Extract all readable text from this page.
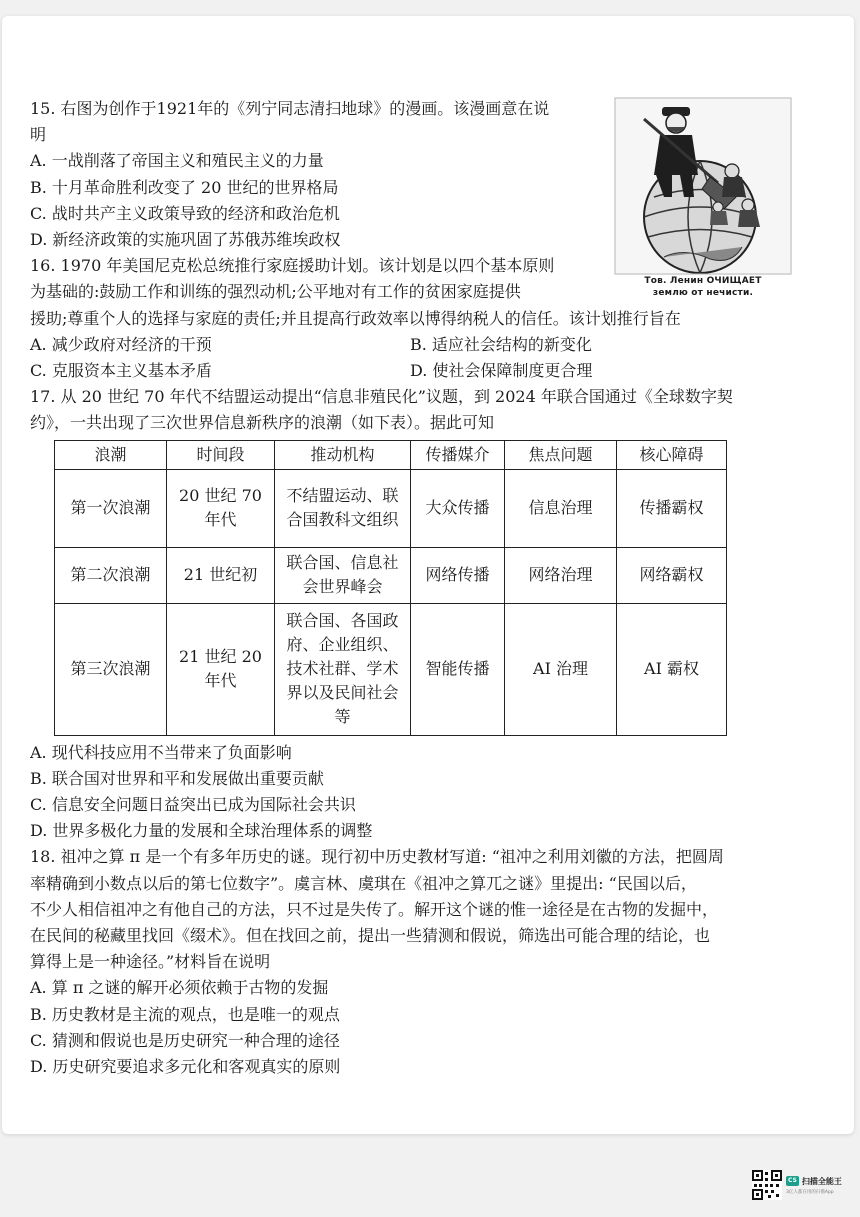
Тов. Ленин ОЧИЩАЕТ
землю от нечисти.
15. 右图为创作于1921年的《列宁同志清扫地球》的漫画。该漫画意在说
明
A. 一战削落了帝国主义和殖民主义的力量
B. 十月革命胜利改变了 20 世纪的世界格局
C. 战时共产主义政策导致的经济和政治危机
D. 新经济政策的实施巩固了苏俄苏维埃政权
16. 1970 年美国尼克松总统推行家庭援助计划。该计划是以四个基本原则
为基础的:鼓励工作和训练的强烈动机;公平地对有工作的贫困家庭提供
援助;尊重个人的选择与家庭的责任;并且提高行政效率以博得纳税人的信任。该计划推行旨在
A. 减少政府对经济的干预	B. 适应社会结构的新变化
C. 克服资本主义基本矛盾	D. 使社会保障制度更合理
17. 从 20 世纪 70 年代不结盟运动提出“信息非殖民化”议题，到 2024 年联合国通过《全球数字契
约》，一共出现了三次世界信息新秩序的浪潮（如下表）。据此可知
浪潮	时间段	推动机构	传播媒介	焦点问题	核心障碍
第一次浪潮	20 世纪 70 年代	不结盟运动、联合国教科文组织	大众传播	信息治理	传播霸权
第二次浪潮	21 世纪初	联合国、信息社会世界峰会	网络传播	网络治理	网络霸权
第三次浪潮	21 世纪 20 年代	联合国、各国政府、企业组织、技术社群、学术界以及民间社会等	智能传播	AI 治理	AI 霸权
A. 现代科技应用不当带来了负面影响
B. 联合国对世界和平和发展做出重要贡献
C. 信息安全问题日益突出已成为国际社会共识
D. 世界多极化力量的发展和全球治理体系的调整
18. 祖冲之算 π 是一个有多年历史的谜。现行初中历史教材写道: “祖冲之利用刘徽的方法，把圆周
率精确到小数点以后的第七位数字”。虞言林、虞琪在《祖冲之算兀之谜》里提出: “民国以后，
不少人相信祖冲之有他自己的方法，只不过是失传了。解开这个谜的惟一途径是在古物的发掘中，
在民间的秘藏里找回《缀术》。但在找回之前，提出一些猜测和假说，筛选出可能合理的结论，也
算得上是一种途径。”材料旨在说明
A. 算 π 之谜的解开必须依赖于古物的发掘
B. 历史教材是主流的观点，也是唯一的观点
C. 猜测和假说也是历史研究一种合理的途径
D. 历史研究要追求多元化和客观真实的原则
CS 扫描全能王
3亿人都在用的扫描App
